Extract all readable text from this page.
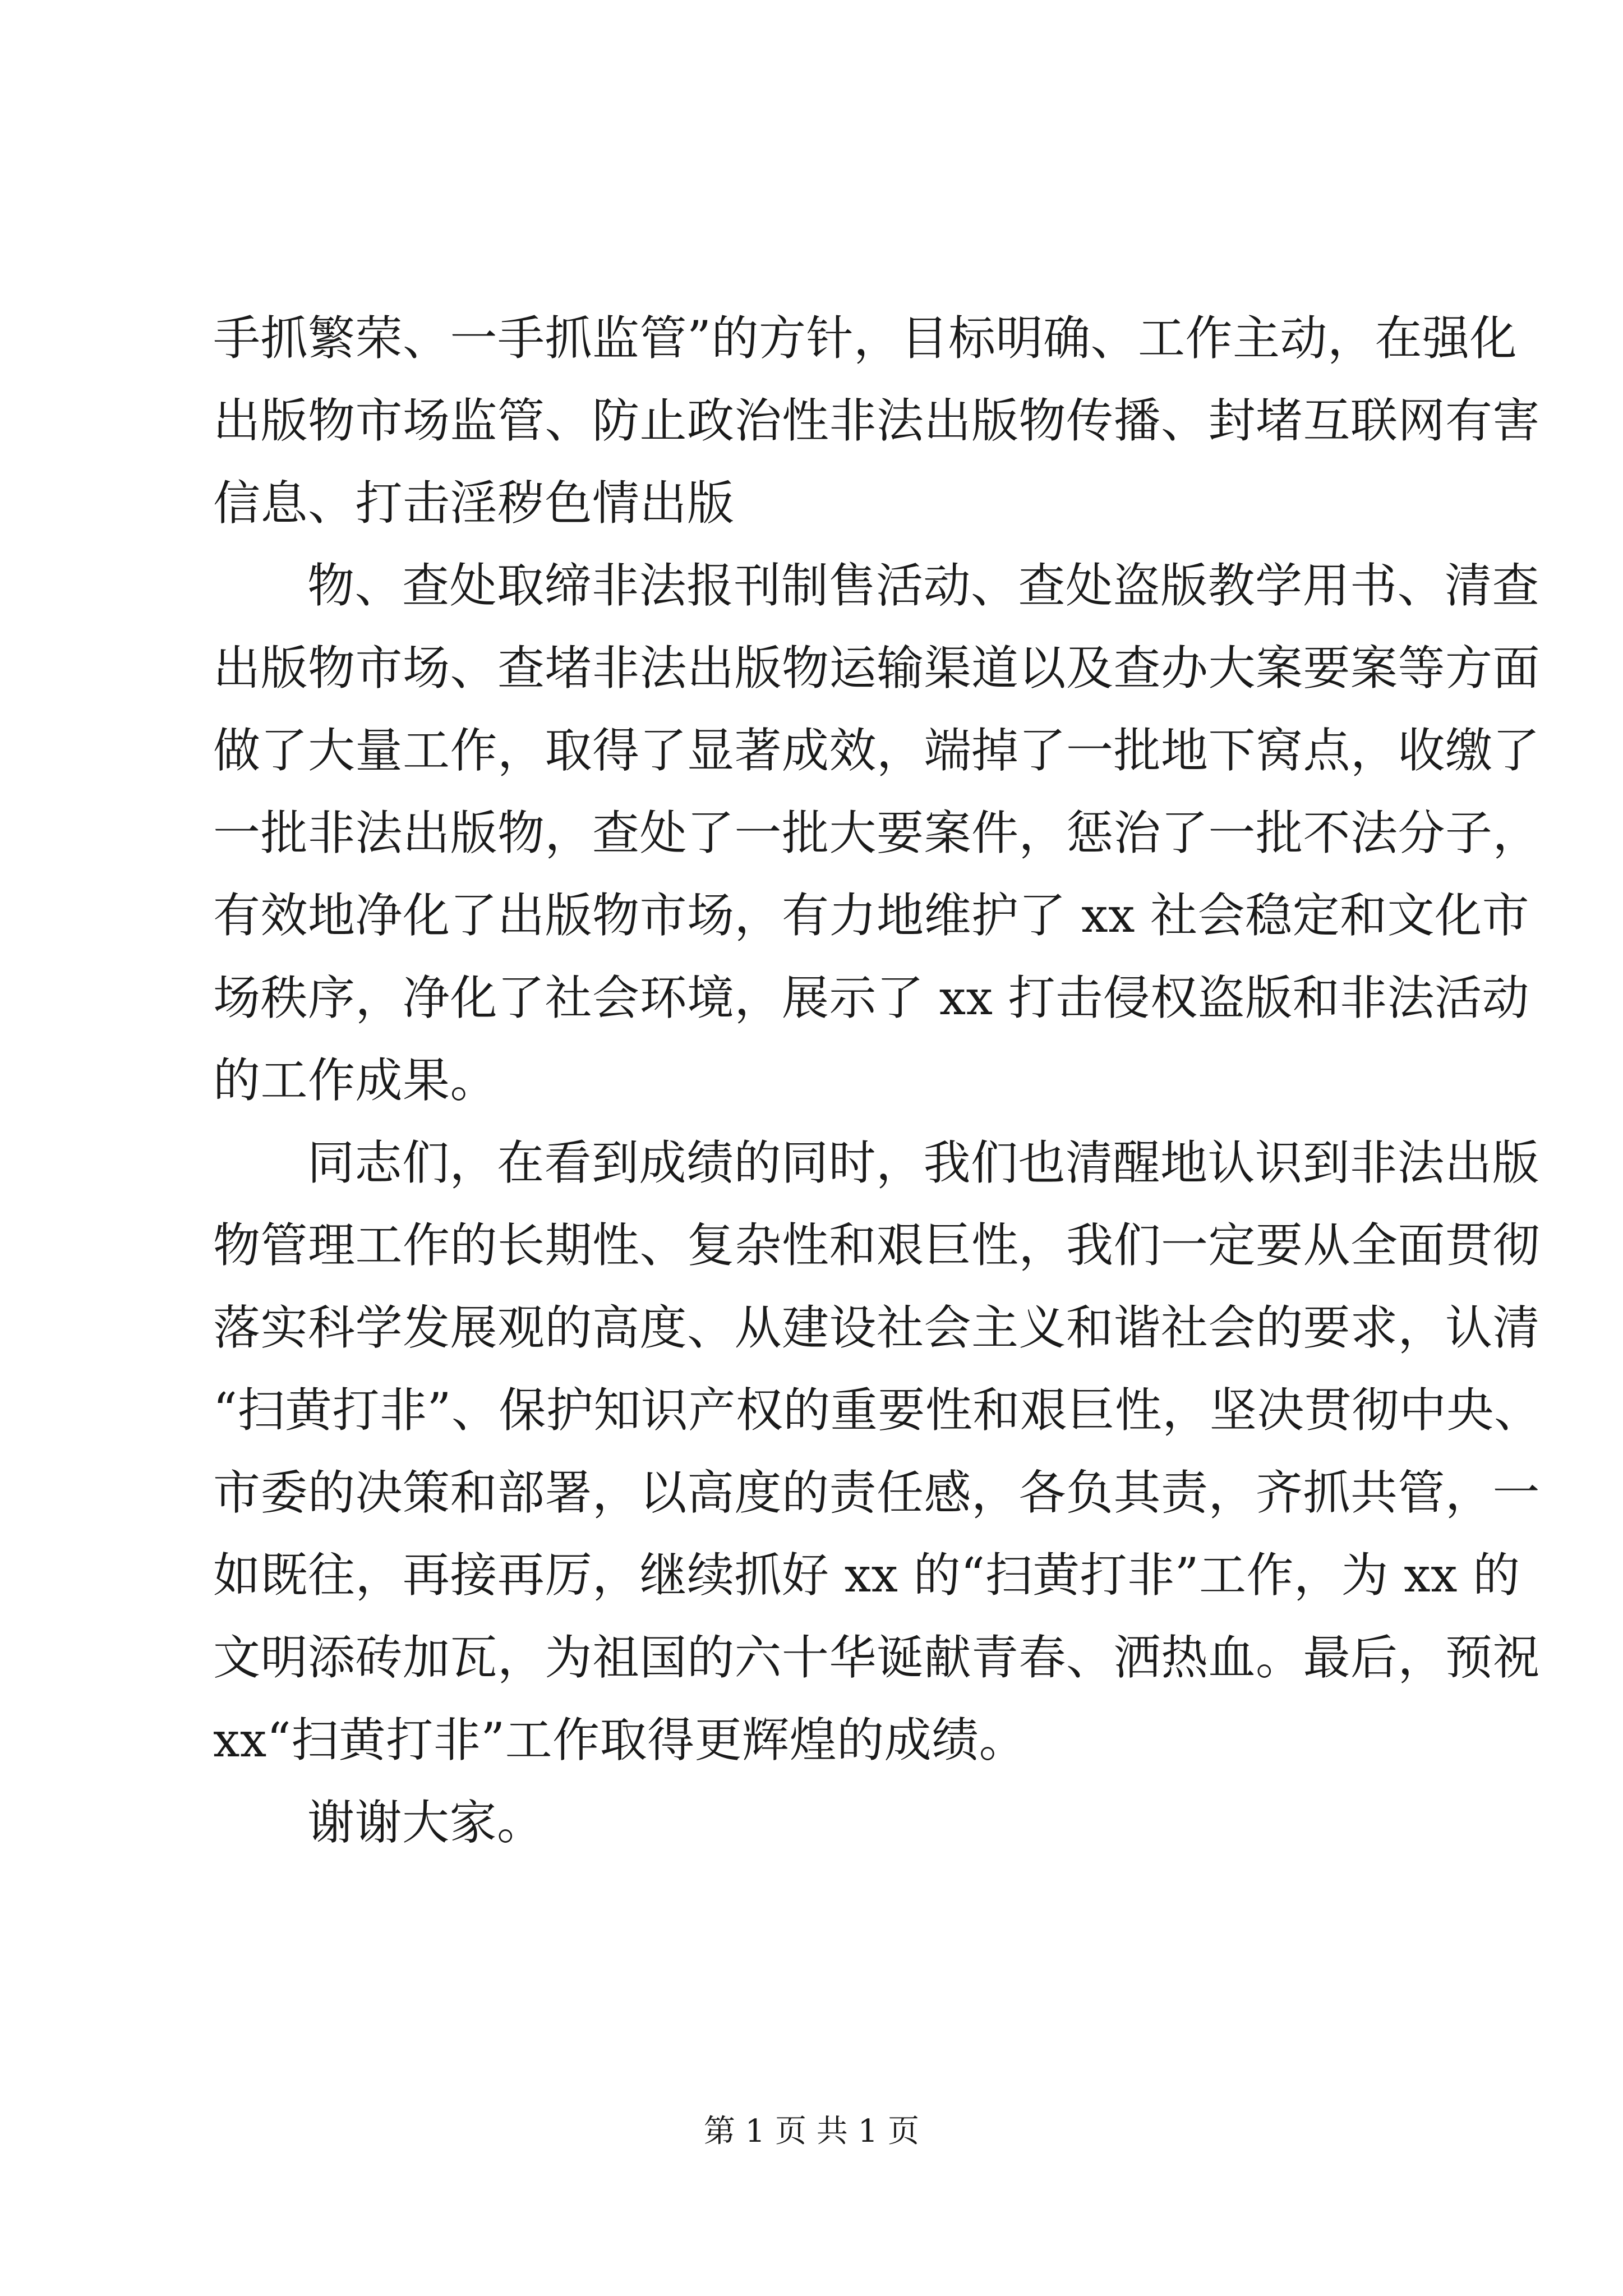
手抓繁荣、一手抓监管”的方针，目标明确、工作主动，在强化
出版物市场监管、防止政治性非法出版物传播、封堵互联网有害
信息、打击淫秽色情出版
物、查处取缔非法报刊制售活动、查处盗版教学用书、清查
出版物市场、查堵非法出版物运输渠道以及查办大案要案等方面
做了大量工作，取得了显著成效，端掉了一批地下窝点，收缴了
一批非法出版物，查处了一批大要案件，惩治了一批不法分子，
有效地净化了出版物市场，有力地维护了 xx 社会稳定和文化市
场秩序，净化了社会环境，展示了 xx 打击侵权盗版和非法活动
的工作成果。
同志们，在看到成绩的同时，我们也清醒地认识到非法出版
物管理工作的长期性、复杂性和艰巨性，我们一定要从全面贯彻
落实科学发展观的高度、从建设社会主义和谐社会的要求，认清
“扫黄打非”、保护知识产权的重要性和艰巨性，坚决贯彻中央、
市委的决策和部署，以高度的责任感，各负其责，齐抓共管，一
如既往，再接再厉，继续抓好 xx 的“扫黄打非”工作，为 xx 的
文明添砖加瓦，为祖国的六十华诞献青春、洒热血。最后，预祝
xx“扫黄打非”工作取得更辉煌的成绩。
谢谢大家。
第 1 页 共 1 页
